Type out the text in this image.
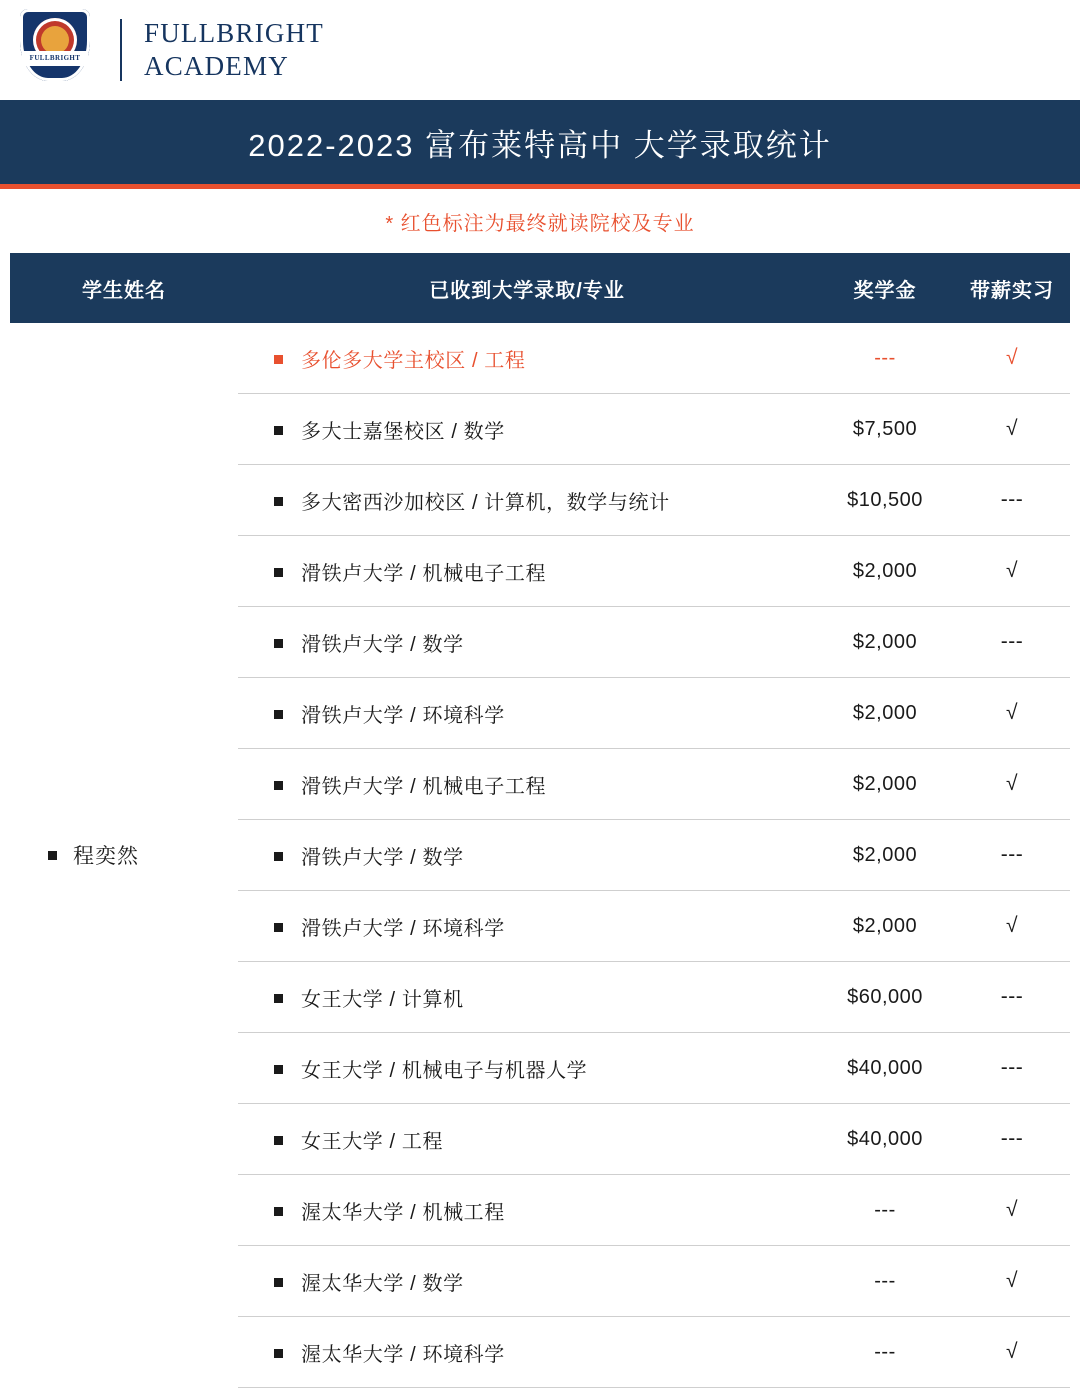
FULLBRIGHT
FULLBRIGHT
ACADEMY
2022-2023 富布莱特高中 大学录取统计
* 红色标注为最终就读院校及专业
学生姓名	已收到大学录取/专业	奖学金	带薪实习
程奕然	多伦多大学主校区 / 工程	---	√
	多大士嘉堡校区 / 数学	$7,500	√
	多大密西沙加校区 / 计算机，数学与统计	$10,500	---
	滑铁卢大学 / 机械电子工程	$2,000	√
	滑铁卢大学 / 数学	$2,000	---
	滑铁卢大学 / 环境科学	$2,000	√
	滑铁卢大学 / 机械电子工程	$2,000	√
	滑铁卢大学 / 数学	$2,000	---
	滑铁卢大学 / 环境科学	$2,000	√
	女王大学 / 计算机	$60,000	---
	女王大学 / 机械电子与机器人学	$40,000	---
	女王大学 / 工程	$40,000	---
	渥太华大学 / 机械工程	---	√
	渥太华大学 / 数学	---	√
	渥太华大学 / 环境科学	---	√
